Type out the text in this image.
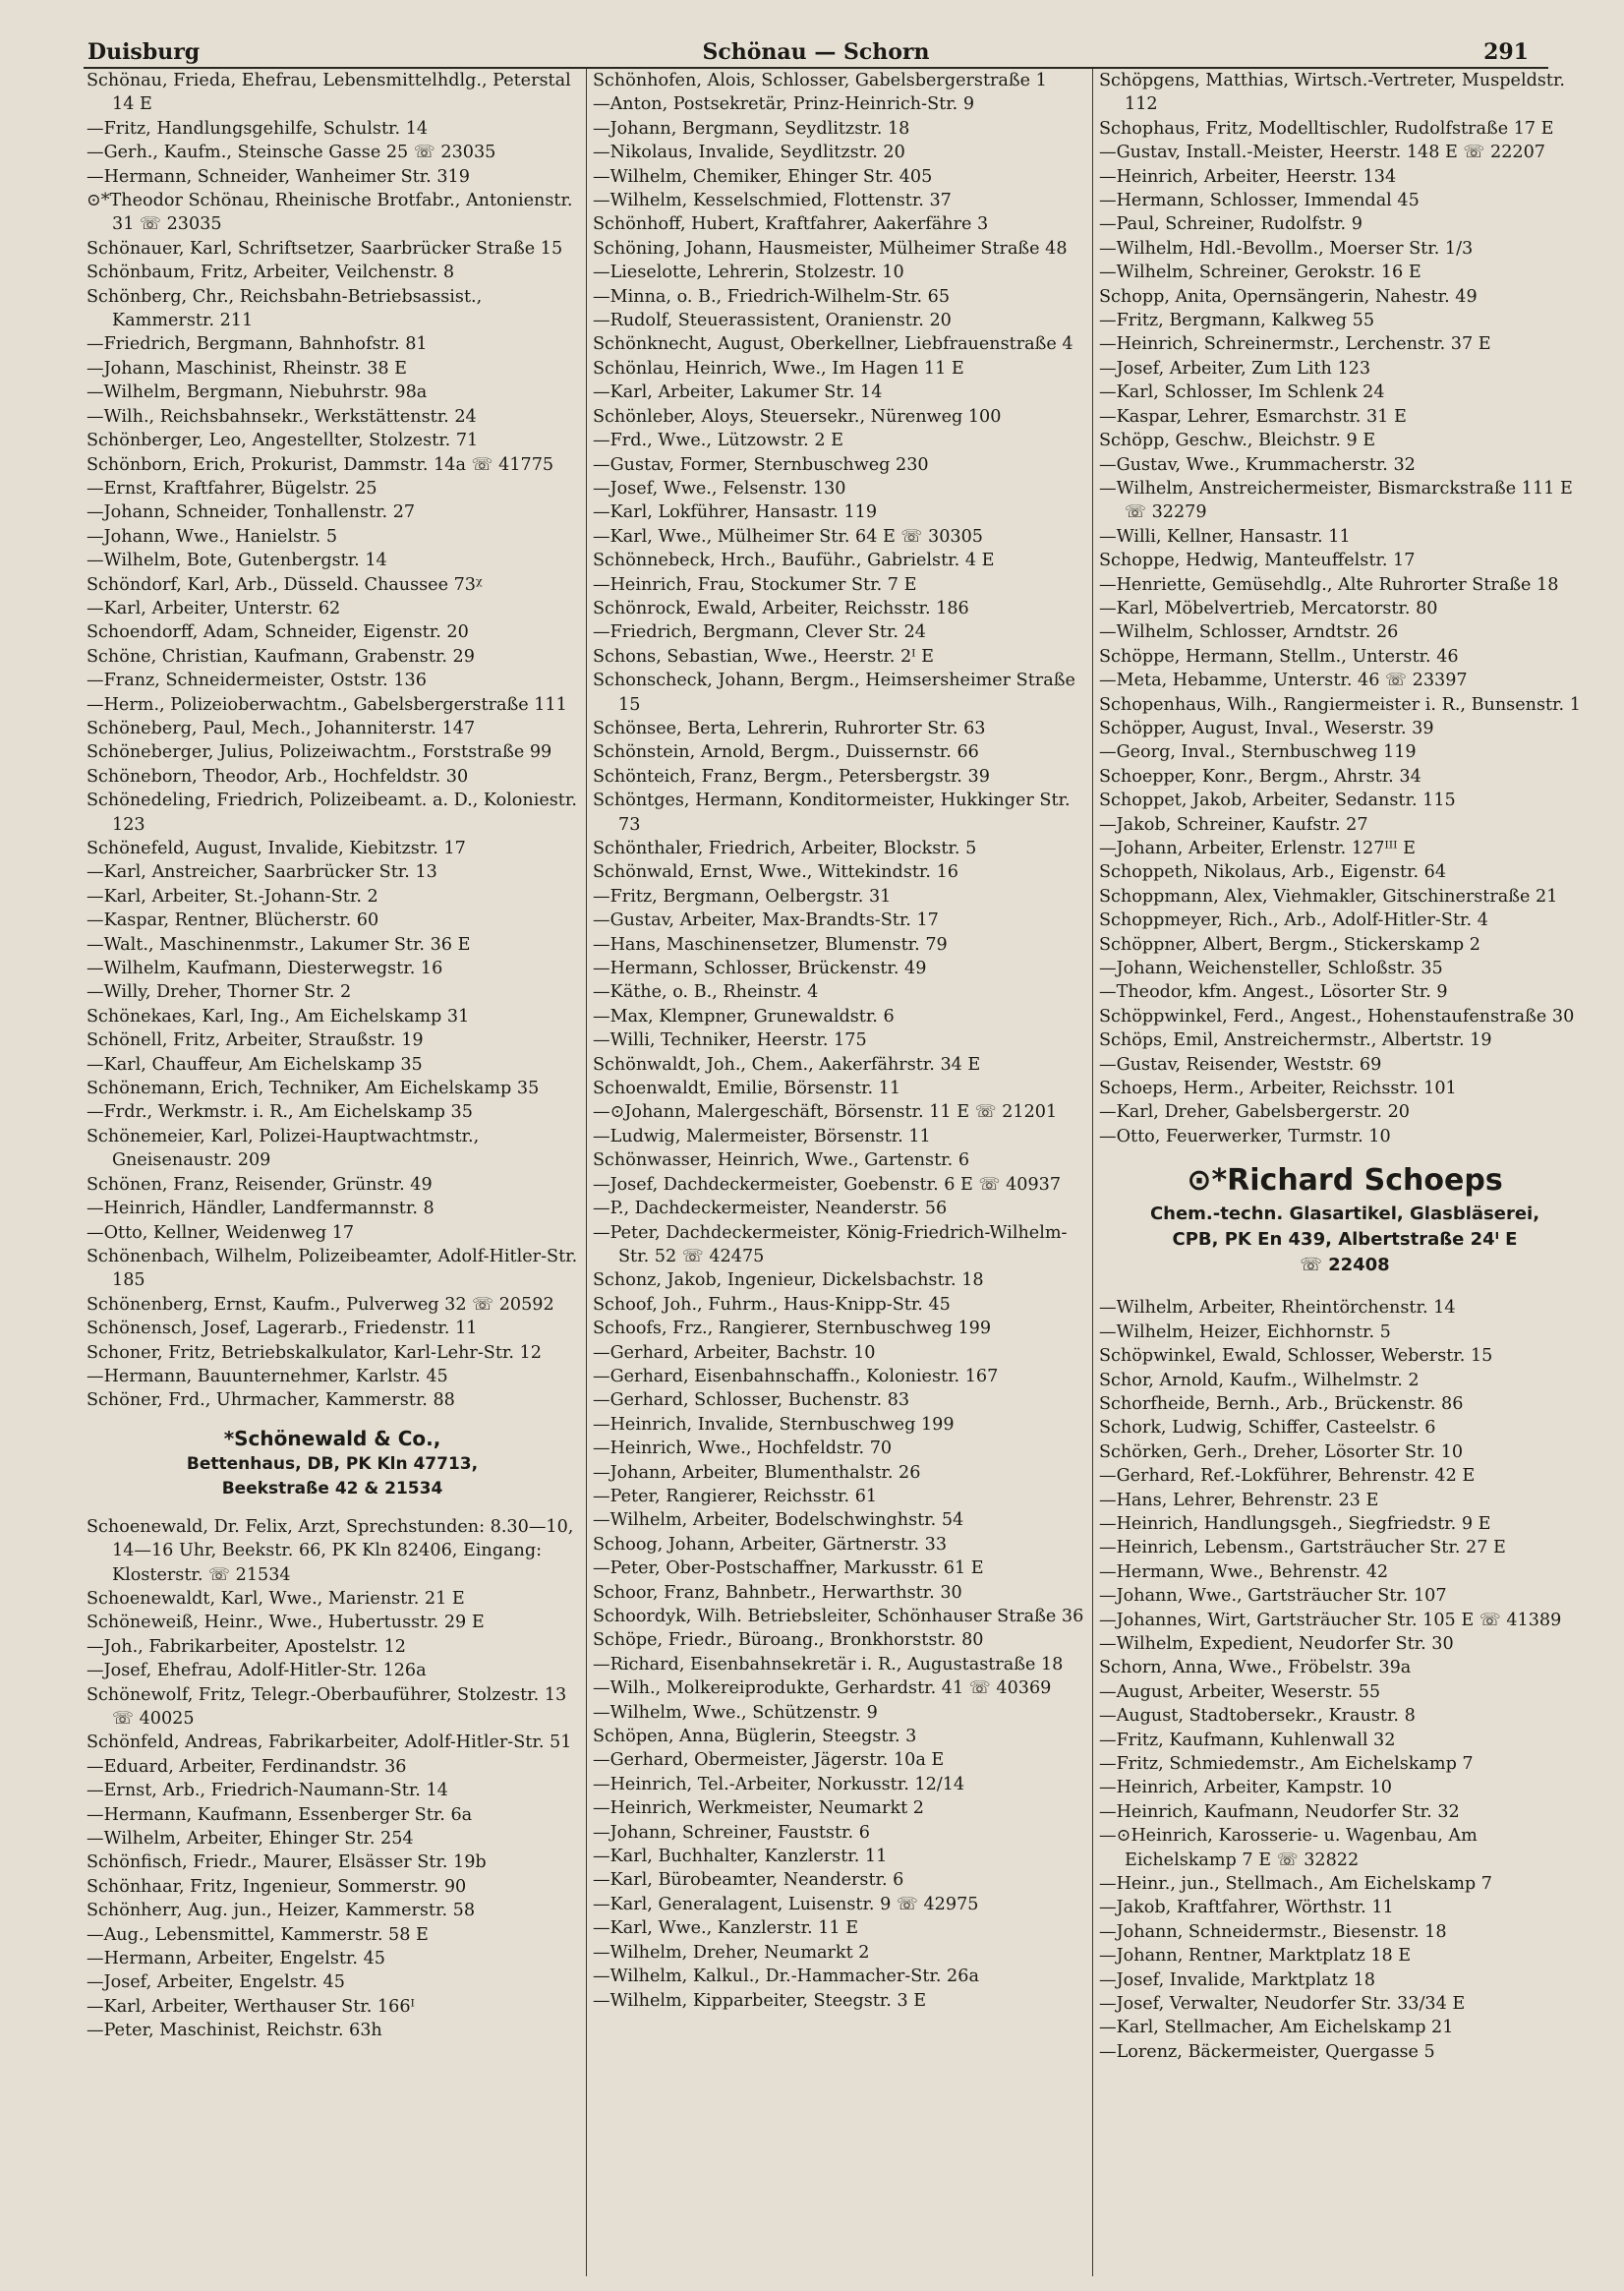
Duisburg	Schönau — Schorn	291
Schönau, Frieda, Ehefrau, Lebensmittelhdlg., Peterstal 14 E
—Fritz, Handlungsgehilfe, Schulstr. 14
—Gerh., Kaufm., Steinsche Gasse 25 ☏ 23035
—Hermann, Schneider, Wanheimer Str. 319
⊙*Theodor Schönau, Rheinische Brotfabr., Antonienstr. 31 ☏ 23035
Schönauer, Karl, Schriftsetzer, Saarbrücker Straße 15
Schönbaum, Fritz, Arbeiter, Veilchenstr. 8
Schönberg, Chr., Reichsbahn-Betriebsassist., Kammerstr. 211
—Friedrich, Bergmann, Bahnhofstr. 81
—Johann, Maschinist, Rheinstr. 38 E
—Wilhelm, Bergmann, Niebuhrstr. 98a
—Wilh., Reichsbahnsekr., Werkstättenstr. 24
Schönberger, Leo, Angestellter, Stolzestr. 71
Schönborn, Erich, Prokurist, Dammstr. 14a ☏ 41775
—Ernst, Kraftfahrer, Bügelstr. 25
—Johann, Schneider, Tonhallenstr. 27
—Johann, Wwe., Hanielstr. 5
—Wilhelm, Bote, Gutenbergstr. 14
Schöndorf, Karl, Arb., Düsseld. Chaussee 73ᵡ
—Karl, Arbeiter, Unterstr. 62
Schoendorff, Adam, Schneider, Eigenstr. 20
Schöne, Christian, Kaufmann, Grabenstr. 29
—Franz, Schneidermeister, Oststr. 136
—Herm., Polizeioberwachtm., Gabelsbergerstraße 111
Schöneberg, Paul, Mech., Johanniterstr. 147
Schöneberger, Julius, Polizeiwachtm., Forststraße 99
Schöneborn, Theodor, Arb., Hochfeldstr. 30
Schönedeling, Friedrich, Polizeibeamt. a. D., Koloniestr. 123
Schönefeld, August, Invalide, Kiebitzstr. 17
—Karl, Anstreicher, Saarbrücker Str. 13
—Karl, Arbeiter, St.-Johann-Str. 2
—Kaspar, Rentner, Blücherstr. 60
—Walt., Maschinenmstr., Lakumer Str. 36 E
—Wilhelm, Kaufmann, Diesterwegstr. 16
—Willy, Dreher, Thorner Str. 2
Schönekaes, Karl, Ing., Am Eichelskamp 31
Schönell, Fritz, Arbeiter, Straußstr. 19
—Karl, Chauffeur, Am Eichelskamp 35
Schönemann, Erich, Techniker, Am Eichelskamp 35
—Frdr., Werkmstr. i. R., Am Eichelskamp 35
Schönemeier, Karl, Polizei-Hauptwachtmstr., Gneisenaustr. 209
Schönen, Franz, Reisender, Grünstr. 49
—Heinrich, Händler, Landfermannstr. 8
—Otto, Kellner, Weidenweg 17
Schönenbach, Wilhelm, Polizeibeamter, Adolf-Hitler-Str. 185
Schönenberg, Ernst, Kaufm., Pulverweg 32 ☏ 20592
Schönensch, Josef, Lagerarb., Friedenstr. 11
Schoner, Fritz, Betriebskalkulator, Karl-Lehr-Str. 12
—Hermann, Bauunternehmer, Karlstr. 45
Schöner, Frd., Uhrmacher, Kammerstr. 88
*Schönewald & Co.,
Bettenhaus, DB, PK Kln 47713,
Beekstraße 42 & 21534
Schoenewald, Dr. Felix, Arzt, Sprechstunden: 8.30—10, 14—16 Uhr, Beekstr. 66, PK Kln 82406, Eingang: Klosterstr. ☏ 21534
Schoenewaldt, Karl, Wwe., Marienstr. 21 E
Schöneweiß, Heinr., Wwe., Hubertusstr. 29 E
—Joh., Fabrikarbeiter, Apostelstr. 12
—Josef, Ehefrau, Adolf-Hitler-Str. 126a
Schönewolf, Fritz, Telegr.-Oberbauführer, Stolzestr. 13 ☏ 40025
Schönfeld, Andreas, Fabrikarbeiter, Adolf-Hitler-Str. 51
—Eduard, Arbeiter, Ferdinandstr. 36
—Ernst, Arb., Friedrich-Naumann-Str. 14
—Hermann, Kaufmann, Essenberger Str. 6a
—Wilhelm, Arbeiter, Ehinger Str. 254
Schönfisch, Friedr., Maurer, Elsässer Str. 19b
Schönhaar, Fritz, Ingenieur, Sommerstr. 90
Schönherr, Aug. jun., Heizer, Kammerstr. 58
—Aug., Lebensmittel, Kammerstr. 58 E
—Hermann, Arbeiter, Engelstr. 45
—Josef, Arbeiter, Engelstr. 45
—Karl, Arbeiter, Werthauser Str. 166ᴵ
—Peter, Maschinist, Reichstr. 63h
Schönhofen, Alois, Schlosser, Gabelsbergerstraße 1
—Anton, Postsekretär, Prinz-Heinrich-Str. 9
—Johann, Bergmann, Seydlitzstr. 18
—Nikolaus, Invalide, Seydlitzstr. 20
—Wilhelm, Chemiker, Ehinger Str. 405
—Wilhelm, Kesselschmied, Flottenstr. 37
Schönhoff, Hubert, Kraftfahrer, Aakerfähre 3
Schöning, Johann, Hausmeister, Mülheimer Straße 48
—Lieselotte, Lehrerin, Stolzestr. 10
—Minna, o. B., Friedrich-Wilhelm-Str. 65
—Rudolf, Steuerassistent, Oranienstr. 20
Schönknecht, August, Oberkellner, Liebfrauenstraße 4
Schönlau, Heinrich, Wwe., Im Hagen 11 E
—Karl, Arbeiter, Lakumer Str. 14
Schönleber, Aloys, Steuersekr., Nürenweg 100
—Frd., Wwe., Lützowstr. 2 E
—Gustav, Former, Sternbuschweg 230
—Josef, Wwe., Felsenstr. 130
—Karl, Lokführer, Hansastr. 119
—Karl, Wwe., Mülheimer Str. 64 E ☏ 30305
Schönnebeck, Hrch., Bauführ., Gabrielstr. 4 E
—Heinrich, Frau, Stockumer Str. 7 E
Schönrock, Ewald, Arbeiter, Reichsstr. 186
—Friedrich, Bergmann, Clever Str. 24
Schons, Sebastian, Wwe., Heerstr. 2ᴵ E
Schonscheck, Johann, Bergm., Heimsersheimer Straße 15
Schönsee, Berta, Lehrerin, Ruhrorter Str. 63
Schönstein, Arnold, Bergm., Duissernstr. 66
Schönteich, Franz, Bergm., Petersbergstr. 39
Schöntges, Hermann, Konditormeister, Hukkinger Str. 73
Schönthaler, Friedrich, Arbeiter, Blockstr. 5
Schönwald, Ernst, Wwe., Wittekindstr. 16
—Fritz, Bergmann, Oelbergstr. 31
—Gustav, Arbeiter, Max-Brandts-Str. 17
—Hans, Maschinensetzer, Blumenstr. 79
—Hermann, Schlosser, Brückenstr. 49
—Käthe, o. B., Rheinstr. 4
—Max, Klempner, Grunewaldstr. 6
—Willi, Techniker, Heerstr. 175
Schönwaldt, Joh., Chem., Aakerfährstr. 34 E
Schoenwaldt, Emilie, Börsenstr. 11
—⊙Johann, Malergeschäft, Börsenstr. 11 E ☏ 21201
—Ludwig, Malermeister, Börsenstr. 11
Schönwasser, Heinrich, Wwe., Gartenstr. 6
—Josef, Dachdeckermeister, Goebenstr. 6 E ☏ 40937
—P., Dachdeckermeister, Neanderstr. 56
—Peter, Dachdeckermeister, König-Friedrich-Wilhelm-Str. 52 ☏ 42475
Schonz, Jakob, Ingenieur, Dickelsbachstr. 18
Schoof, Joh., Fuhrm., Haus-Knipp-Str. 45
Schoofs, Frz., Rangierer, Sternbuschweg 199
—Gerhard, Arbeiter, Bachstr. 10
—Gerhard, Eisenbahnschaffn., Koloniestr. 167
—Gerhard, Schlosser, Buchenstr. 83
—Heinrich, Invalide, Sternbuschweg 199
—Heinrich, Wwe., Hochfeldstr. 70
—Johann, Arbeiter, Blumenthalstr. 26
—Peter, Rangierer, Reichsstr. 61
—Wilhelm, Arbeiter, Bodelschwinghstr. 54
Schoog, Johann, Arbeiter, Gärtnerstr. 33
—Peter, Ober-Postschaffner, Markusstr. 61 E
Schoor, Franz, Bahnbetr., Herwarthstr. 30
Schoordyk, Wilh. Betriebsleiter, Schönhauser Straße 36
Schöpe, Friedr., Büroang., Bronkhorststr. 80
—Richard, Eisenbahnsekretär i. R., Augustastraße 18
—Wilh., Molkereiprodukte, Gerhardstr. 41 ☏ 40369
—Wilhelm, Wwe., Schützenstr. 9
Schöpen, Anna, Büglerin, Steegstr. 3
—Gerhard, Obermeister, Jägerstr. 10a E
—Heinrich, Tel.-Arbeiter, Norkusstr. 12/14
—Heinrich, Werkmeister, Neumarkt 2
—Johann, Schreiner, Fauststr. 6
—Karl, Buchhalter, Kanzlerstr. 11
—Karl, Bürobeamter, Neanderstr. 6
—Karl, Generalagent, Luisenstr. 9 ☏ 42975
—Karl, Wwe., Kanzlerstr. 11 E
—Wilhelm, Dreher, Neumarkt 2
—Wilhelm, Kalkul., Dr.-Hammacher-Str. 26a
—Wilhelm, Kipparbeiter, Steegstr. 3 E
Schöpgens, Matthias, Wirtsch.-Vertreter, Muspeldstr. 112
Schophaus, Fritz, Modelltischler, Rudolfstraße 17 E
—Gustav, Install.-Meister, Heerstr. 148 E ☏ 22207
—Heinrich, Arbeiter, Heerstr. 134
—Hermann, Schlosser, Immendal 45
—Paul, Schreiner, Rudolfstr. 9
—Wilhelm, Hdl.-Bevollm., Moerser Str. 1/3
—Wilhelm, Schreiner, Gerokstr. 16 E
Schopp, Anita, Opernsängerin, Nahestr. 49
—Fritz, Bergmann, Kalkweg 55
—Heinrich, Schreinermstr., Lerchenstr. 37 E
—Josef, Arbeiter, Zum Lith 123
—Karl, Schlosser, Im Schlenk 24
—Kaspar, Lehrer, Esmarchstr. 31 E
Schöpp, Geschw., Bleichstr. 9 E
—Gustav, Wwe., Krummacherstr. 32
—Wilhelm, Anstreichermeister, Bismarckstraße 111 E ☏ 32279
—Willi, Kellner, Hansastr. 11
Schoppe, Hedwig, Manteuffelstr. 17
—Henriette, Gemüsehdlg., Alte Ruhrorter Straße 18
—Karl, Möbelvertrieb, Mercatorstr. 80
—Wilhelm, Schlosser, Arndtstr. 26
Schöppe, Hermann, Stellm., Unterstr. 46
—Meta, Hebamme, Unterstr. 46 ☏ 23397
Schopenhaus, Wilh., Rangiermeister i. R., Bunsenstr. 1
Schöpper, August, Inval., Weserstr. 39
—Georg, Inval., Sternbuschweg 119
Schoepper, Konr., Bergm., Ahrstr. 34
Schoppet, Jakob, Arbeiter, Sedanstr. 115
—Jakob, Schreiner, Kaufstr. 27
—Johann, Arbeiter, Erlenstr. 127ᴵᴵᴵ E
Schoppeth, Nikolaus, Arb., Eigenstr. 64
Schoppmann, Alex, Viehmakler, Gitschinerstraße 21
Schoppmeyer, Rich., Arb., Adolf-Hitler-Str. 4
Schöppner, Albert, Bergm., Stickerskamp 2
—Johann, Weichensteller, Schloßstr. 35
—Theodor, kfm. Angest., Lösorter Str. 9
Schöppwinkel, Ferd., Angest., Hohenstaufenstraße 30
Schöps, Emil, Anstreichermstr., Albertstr. 19
—Gustav, Reisender, Weststr. 69
Schoeps, Herm., Arbeiter, Reichsstr. 101
—Karl, Dreher, Gabelsbergerstr. 20
—Otto, Feuerwerker, Turmstr. 10
⊙*Richard Schoeps
Chem.-techn. Glasartikel, Glasbläserei,
CPB, PK En 439, Albertstraße 24ᴵ E
☏ 22408
—Wilhelm, Arbeiter, Rheintörchenstr. 14
—Wilhelm, Heizer, Eichhornstr. 5
Schöpwinkel, Ewald, Schlosser, Weberstr. 15
Schor, Arnold, Kaufm., Wilhelmstr. 2
Schorfheide, Bernh., Arb., Brückenstr. 86
Schork, Ludwig, Schiffer, Casteelstr. 6
Schörken, Gerh., Dreher, Lösorter Str. 10
—Gerhard, Ref.-Lokführer, Behrenstr. 42 E
—Hans, Lehrer, Behrenstr. 23 E
—Heinrich, Handlungsgeh., Siegfriedstr. 9 E
—Heinrich, Lebensm., Gartsträucher Str. 27 E
—Hermann, Wwe., Behrenstr. 42
—Johann, Wwe., Gartsträucher Str. 107
—Johannes, Wirt, Gartsträucher Str. 105 E ☏ 41389
—Wilhelm, Expedient, Neudorfer Str. 30
Schorn, Anna, Wwe., Fröbelstr. 39a
—August, Arbeiter, Weserstr. 55
—August, Stadtobersekr., Kraustr. 8
—Fritz, Kaufmann, Kuhlenwall 32
—Fritz, Schmiedemstr., Am Eichelskamp 7
—Heinrich, Arbeiter, Kampstr. 10
—Heinrich, Kaufmann, Neudorfer Str. 32
—⊙Heinrich, Karosserie- u. Wagenbau, Am Eichelskamp 7 E ☏ 32822
—Heinr., jun., Stellmach., Am Eichelskamp 7
—Jakob, Kraftfahrer, Wörthstr. 11
—Johann, Schneidermstr., Biesenstr. 18
—Johann, Rentner, Marktplatz 18 E
—Josef, Invalide, Marktplatz 18
—Josef, Verwalter, Neudorfer Str. 33/34 E
—Karl, Stellmacher, Am Eichelskamp 21
—Lorenz, Bäckermeister, Quergasse 5
